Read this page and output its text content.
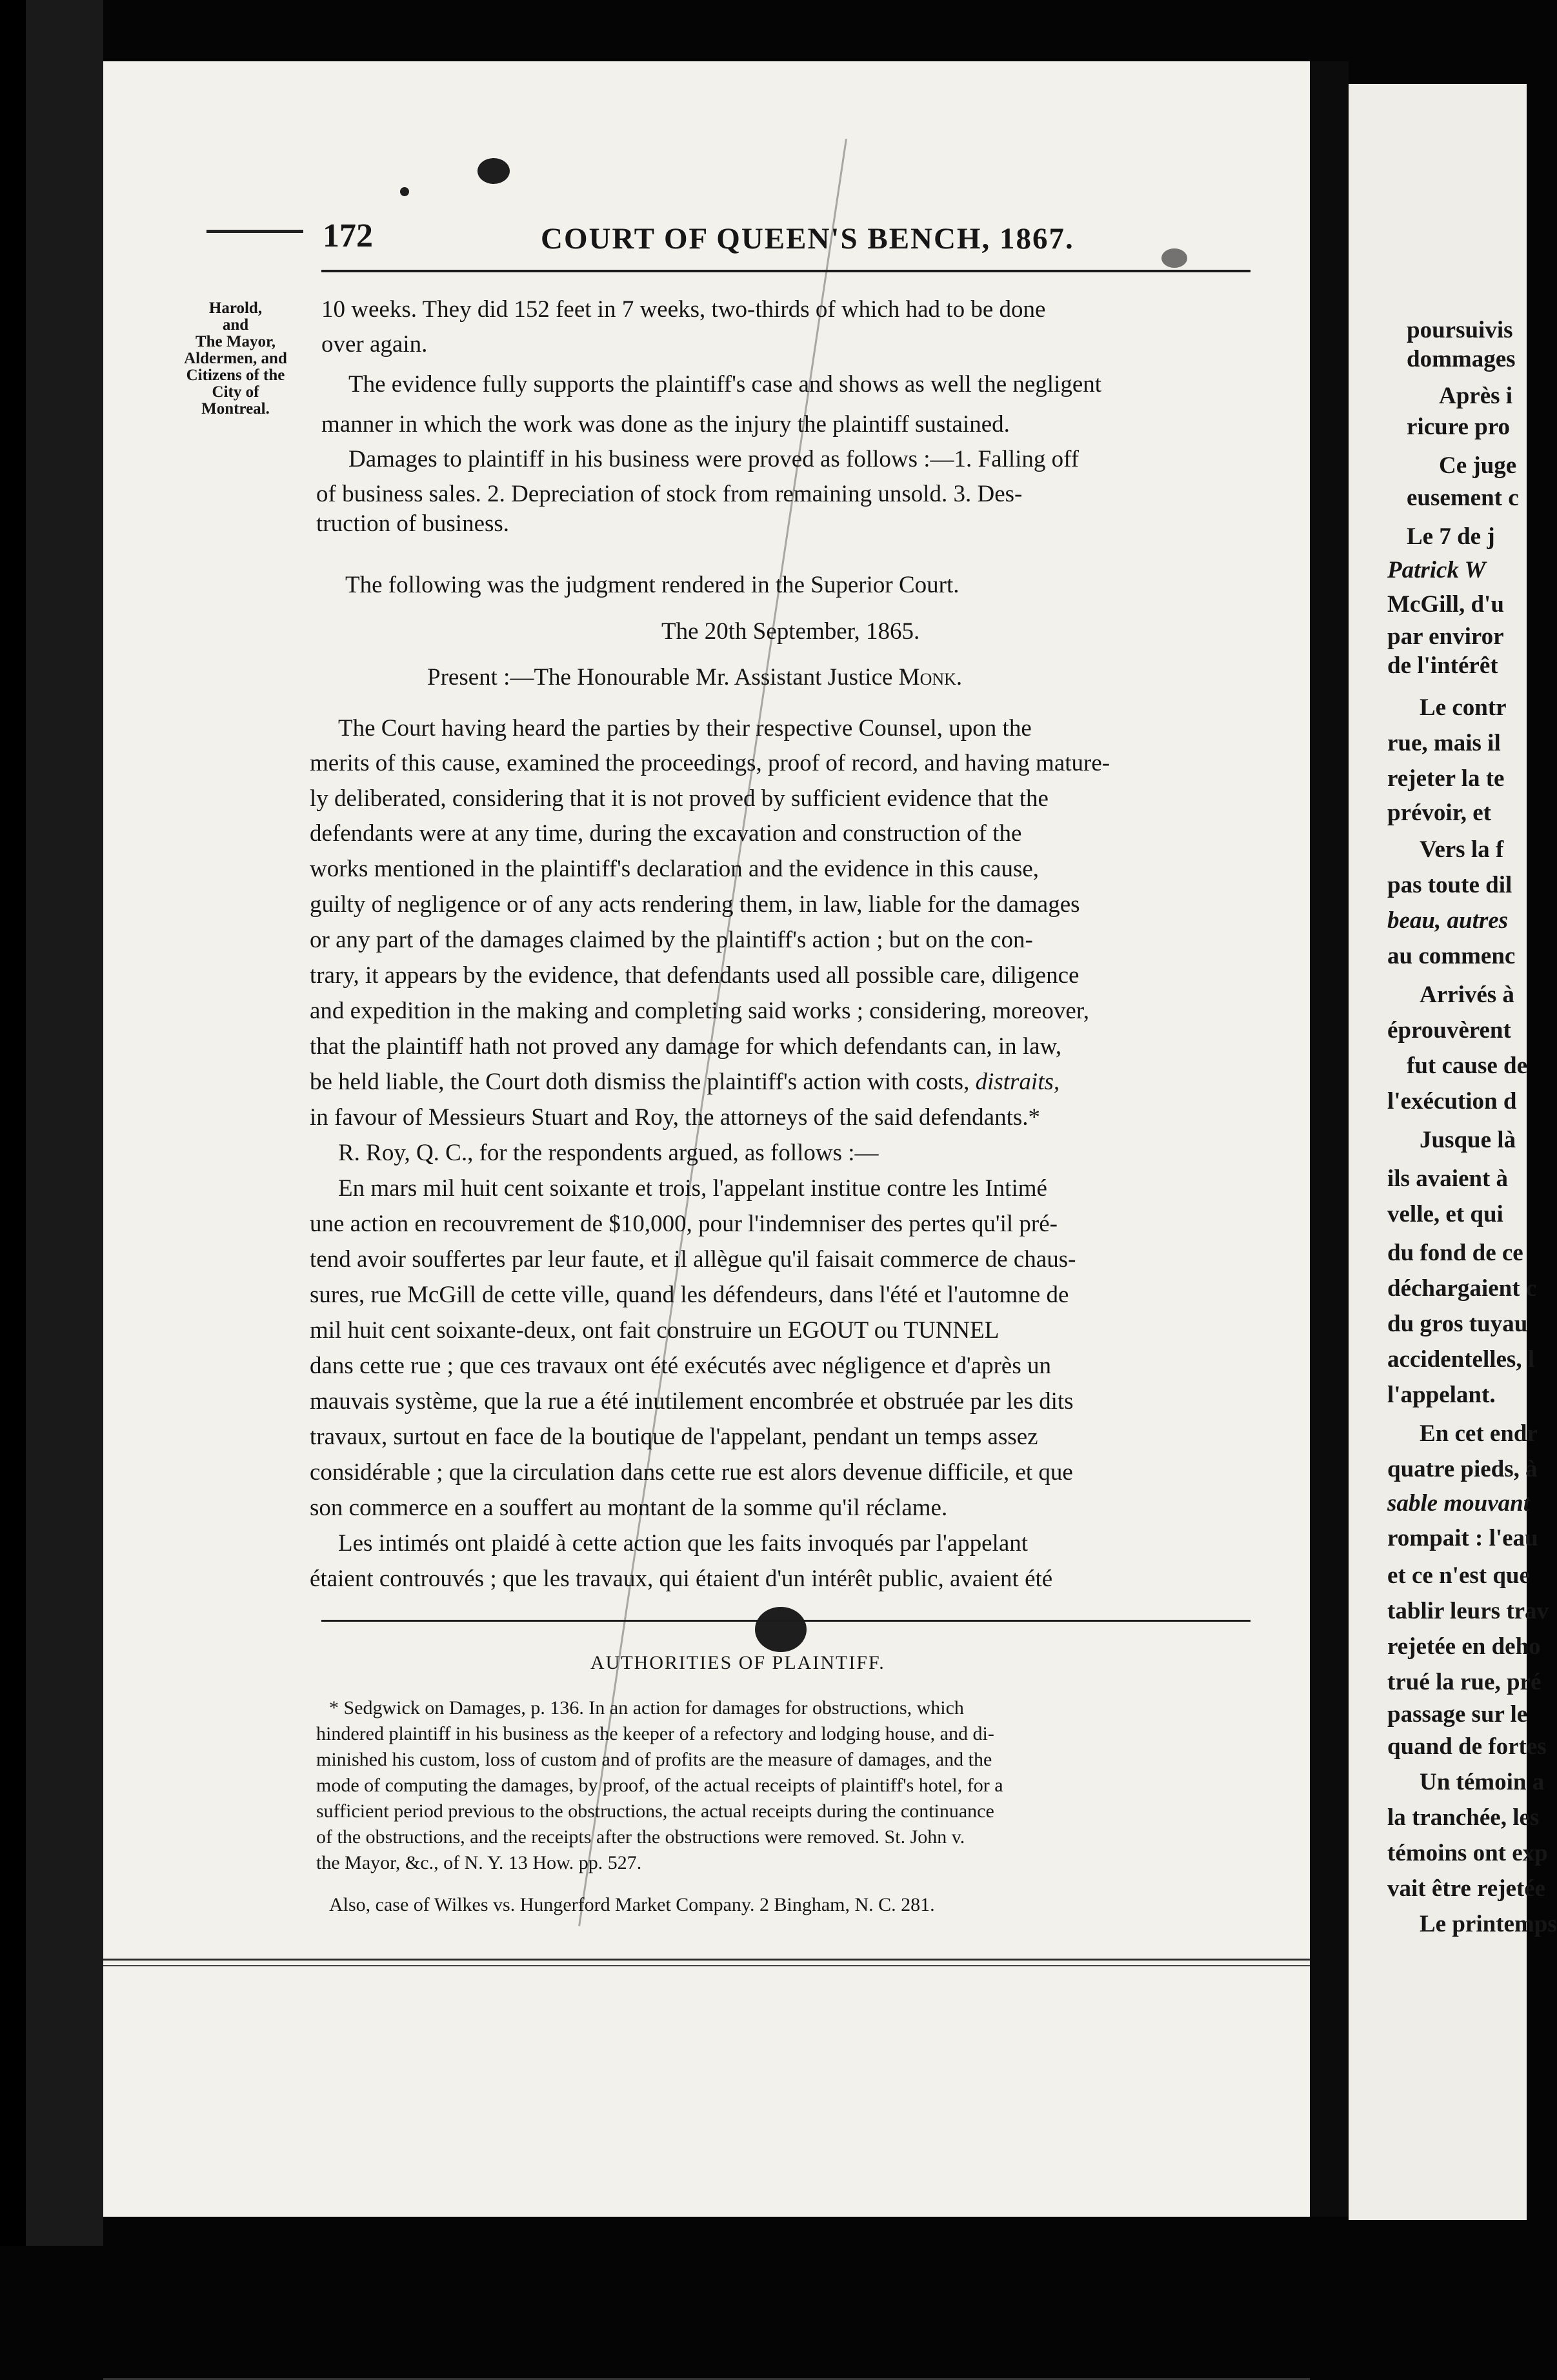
172	COURT OF QUEEN'S BENCH, 1867.
Harold,
and
The Mayor,
Aldermen, and
Citizens of the
City of
Montreal.
10 weeks. They did 152 feet in 7 weeks, two-thirds of which had to be done
over again.
The evidence fully supports the plaintiff's case and shows as well the negligent
manner in which the work was done as the injury the plaintiff sustained.
Damages to plaintiff in his business were proved as follows :—1. Falling off
of business sales. 2. Depreciation of stock from remaining unsold. 3. Des-
truction of business.
The following was the judgment rendered in the Superior Court.
The 20th September, 1865.
Present :—The Honourable Mr. Assistant Justice Monk.
The Court having heard the parties by their respective Counsel, upon the
merits of this cause, examined the proceedings, proof of record, and having mature-
ly deliberated, considering that it is not proved by sufficient evidence that the
defendants were at any time, during the excavation and construction of the
works mentioned in the plaintiff's declaration and the evidence in this cause,
guilty of negligence or of any acts rendering them, in law, liable for the damages
or any part of the damages claimed by the plaintiff's action ; but on the con-
trary, it appears by the evidence, that defendants used all possible care, diligence
and expedition in the making and completing said works ; considering, moreover,
that the plaintiff hath not proved any damage for which defendants can, in law,
be held liable, the Court doth dismiss the plaintiff's action with costs, distraits,
in favour of Messieurs Stuart and Roy, the attorneys of the said defendants.*
R. Roy, Q. C., for the respondents argued, as follows :—
En mars mil huit cent soixante et trois, l'appelant institue contre les Intimé
une action en recouvrement de $10,000, pour l'indemniser des pertes qu'il pré-
tend avoir souffertes par leur faute, et il allègue qu'il faisait commerce de chaus-
sures, rue McGill de cette ville, quand les défendeurs, dans l'été et l'automne de
mil huit cent soixante-deux, ont fait construire un EGOUT ou TUNNEL
dans cette rue ; que ces travaux ont été exécutés avec négligence et d'après un
mauvais système, que la rue a été inutilement encombrée et obstruée par les dits
travaux, surtout en face de la boutique de l'appelant, pendant un temps assez
considérable ; que la circulation dans cette rue est alors devenue difficile, et que
son commerce en a souffert au montant de la somme qu'il réclame.
Les intimés ont plaidé à cette action que les faits invoqués par l'appelant
étaient controuvés ; que les travaux, qui étaient d'un intérêt public, avaient été
AUTHORITIES OF PLAINTIFF.
* Sedgwick on Damages, p. 136. In an action for damages for obstructions, which
hindered plaintiff in his business as the keeper of a refectory and lodging house, and di-
minished his custom, loss of custom and of profits are the measure of damages, and the
mode of computing the damages, by proof, of the actual receipts of plaintiff's hotel, for a
sufficient period previous to the obstructions, the actual receipts during the continuance
of the obstructions, and the receipts after the obstructions were removed. St. John v.
the Mayor, &c., of N. Y. 13 How. pp. 527.
Also, case of Wilkes vs. Hungerford Market Company. 2 Bingham, N. C. 281.
poursuivis
dommages
Après i
ricure pro
Ce juge
eusement c
Le 7 de j
Patrick W
McGill, d'u
par enviror
de l'intérêt
Le contr
rue, mais il
rejeter la te
prévoir, et
Vers la f
pas toute dil
beau, autres
au commenc
Arrivés à
éprouvèrent
fut cause de
l'exécution d
Jusque là
ils avaient à
velle, et qui
du fond de ce
déchargaient c
du gros tuyau
accidentelles, l
l'appelant.
En cet endr
quatre pieds, à
sable mouvant
rompait : l'eau
et ce n'est que
tablir leurs trav
rejetée en deho
trué la rue, pré
passage sur le
quand de fortes
Un témoin a
la tranchée, les
témoins ont exp
vait être rejetée
Le printemps
